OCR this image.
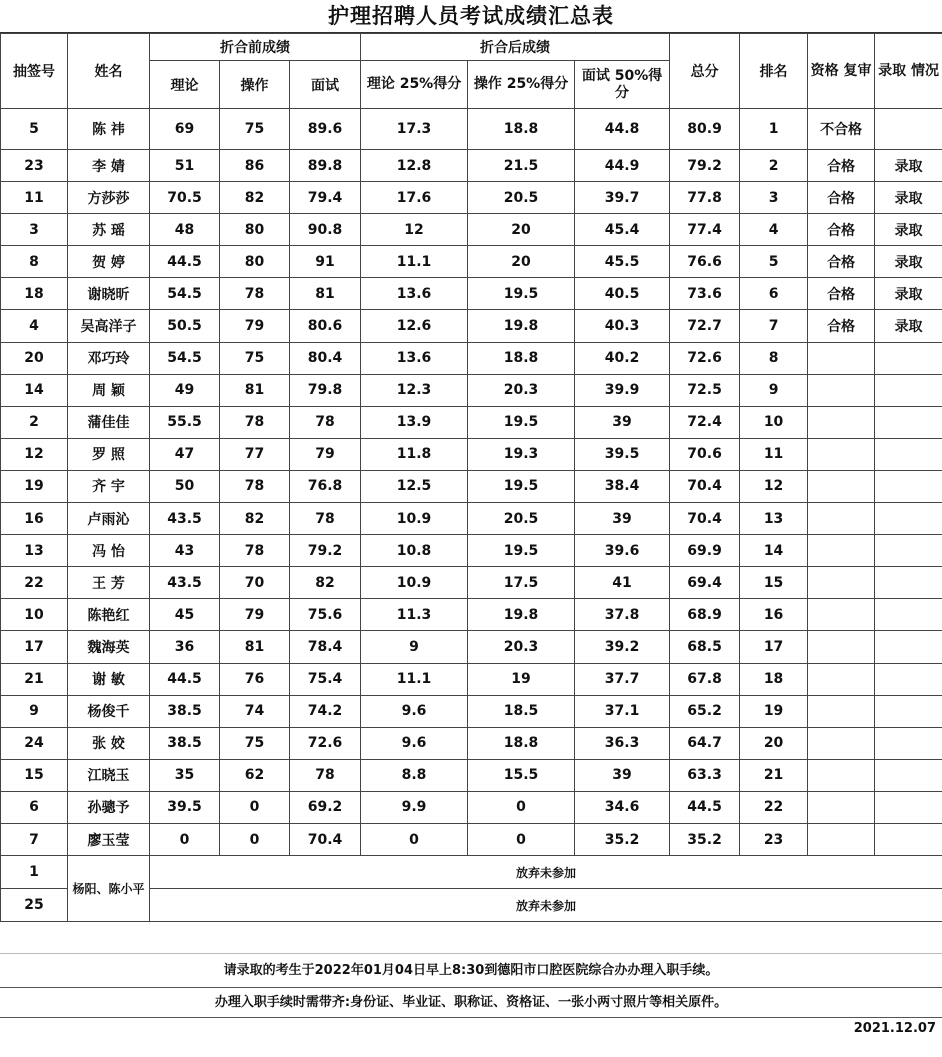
护理招聘人员考试成绩汇总表
抽签号	姓名	折合前成绩			折合后成绩			总分	排名	资格 复审	录取 情况
		理论	操作	面试	理论 25%得分	操作 25%得分	面试 50%得分				
5	陈 祎	69	75	89.6	17.3	18.8	44.8	80.9	1	不合格	
23	李 婧	51	86	89.8	12.8	21.5	44.9	79.2	2	合格	录取
11	方莎莎	70.5	82	79.4	17.6	20.5	39.7	77.8	3	合格	录取
3	苏 瑶	48	80	90.8	12	20	45.4	77.4	4	合格	录取
8	贺 婷	44.5	80	91	11.1	20	45.5	76.6	5	合格	录取
18	谢晓昕	54.5	78	81	13.6	19.5	40.5	73.6	6	合格	录取
4	吴高洋子	50.5	79	80.6	12.6	19.8	40.3	72.7	7	合格	录取
20	邓巧玲	54.5	75	80.4	13.6	18.8	40.2	72.6	8		
14	周 颖	49	81	79.8	12.3	20.3	39.9	72.5	9		
2	蒲佳佳	55.5	78	78	13.9	19.5	39	72.4	10		
12	罗 照	47	77	79	11.8	19.3	39.5	70.6	11		
19	齐 宇	50	78	76.8	12.5	19.5	38.4	70.4	12		
16	卢雨沁	43.5	82	78	10.9	20.5	39	70.4	13		
13	冯 怡	43	78	79.2	10.8	19.5	39.6	69.9	14		
22	王 芳	43.5	70	82	10.9	17.5	41	69.4	15		
10	陈艳红	45	79	75.6	11.3	19.8	37.8	68.9	16		
17	魏海英	36	81	78.4	9	20.3	39.2	68.5	17		
21	谢 敏	44.5	76	75.4	11.1	19	37.7	67.8	18		
9	杨俊千	38.5	74	74.2	9.6	18.5	37.1	65.2	19		
24	张 姣	38.5	75	72.6	9.6	18.8	36.3	64.7	20		
15	江晓玉	35	62	78	8.8	15.5	39	63.3	21		
6	孙骢予	39.5	0	69.2	9.9	0	34.6	44.5	22		
7	廖玉莹	0	0	70.4	0	0	35.2	35.2	23		
1	杨阳、陈小平	放弃未参加									
25		放弃未参加									
请录取的考生于2022年01月04日早上8:30到德阳市口腔医院综合办办理入职手续。
办理入职手续时需带齐:身份证、毕业证、职称证、资格证、一张小两寸照片等相关原件。
2021.12.07
